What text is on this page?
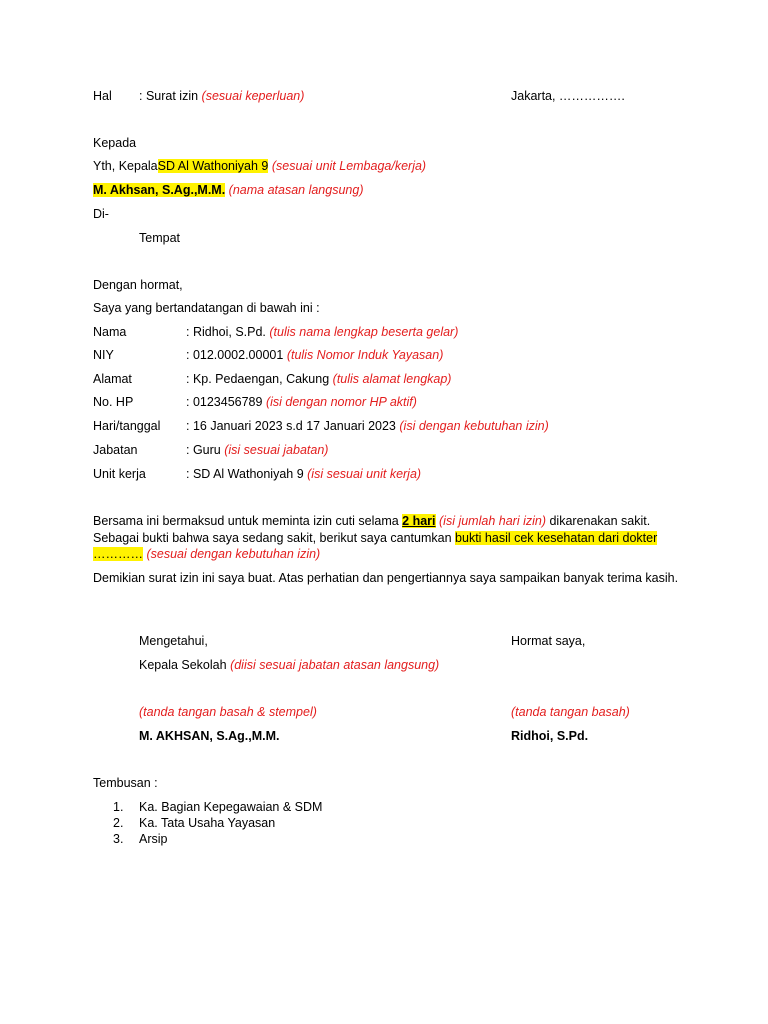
Hal : Surat izin (sesuai keperluan)	Jakarta, …………….
Kepada
Yth, KepalaSD Al Wathoniyah 9 (sesuai unit Lembaga/kerja)
M. Akhsan, S.Ag.,M.M. (nama atasan langsung)
Di-
Tempat
Dengan hormat,
Saya yang bertandatangan di bawah ini :
Nama	: Ridhoi, S.Pd. (tulis nama lengkap beserta gelar)
NIY	: 012.0002.00001 (tulis Nomor Induk Yayasan)
Alamat	: Kp. Pedaengan, Cakung (tulis alamat lengkap)
No. HP	: 0123456789 (isi dengan nomor HP aktif)
Hari/tanggal : 16 Januari 2023 s.d 17 Januari 2023 (isi dengan kebutuhan izin)
Jabatan	: Guru (isi sesuai jabatan)
Unit kerja	: SD Al Wathoniyah 9 (isi sesuai unit kerja)
Bersama ini bermaksud untuk meminta izin cuti selama 2 hari (isi jumlah hari izin) dikarenakan sakit. Sebagai bukti bahwa saya sedang sakit, berikut saya cantumkan bukti hasil cek kesehatan dari dokter ………… (sesuai dengan kebutuhan izin)
Demikian surat izin ini saya buat. Atas perhatian dan pengertiannya saya sampaikan banyak terima kasih.
Mengetahui,	Hormat saya,
Kepala Sekolah (diisi sesuai jabatan atasan langsung)
(tanda tangan basah & stempel)	(tanda tangan basah)
M. AKHSAN, S.Ag.,M.M.	Ridhoi, S.Pd.
Tembusan :
1. Ka. Bagian Kepegawaian & SDM
2. Ka. Tata Usaha Yayasan
3. Arsip
